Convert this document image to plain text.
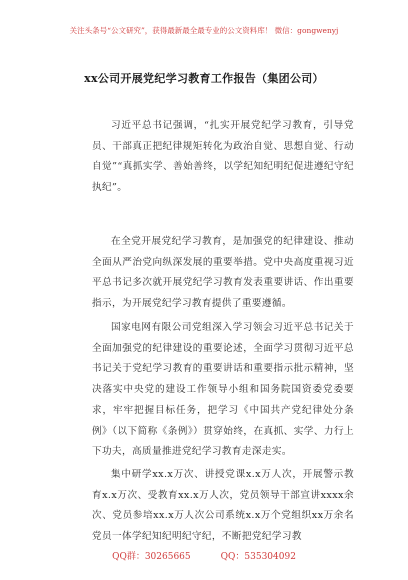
关注头条号“公文研究”，获得最新最全最专业的公文资料库！ 微信：gongwenyj
xx公司开展党纪学习教育工作报告（集团公司）
习近平总书记强调，“扎实开展党纪学习教育，引导党员、干部真正把纪律规矩转化为政治自觉、思想自觉、行动自觉”“真抓实学、善始善终，以学纪知纪明纪促进遵纪守纪执纪”。
在全党开展党纪学习教育，是加强党的纪律建设、推动全面从严治党向纵深发展的重要举措。党中央高度重视习近平总书记多次就开展党纪学习教育发表重要讲话、作出重要指示，为开展党纪学习教育提供了重要遵循。
国家电网有限公司党组深入学习领会习近平总书记关于全面加强党的纪律建设的重要论述，全面学习贯彻习近平总书记关于党纪学习教育的重要讲话和重要指示批示精神，坚决落实中央党的建设工作领导小组和国务院国资委党委要求，牢牢把握目标任务，把学习《中国共产党纪律处分条例》（以下简称《条例》）贯穿始终，在真抓、实学、力行上下功夫，高质量推进党纪学习教育走深走实。
集中研学xx.x万次、讲授党课x.x万人次，开展警示教育x.x万次、受教育xx.x万人次，党员领导干部宣讲xxxx余次、党员参培xx.x万人次公司系统x.x万个党组织xx万余名党员一体学纪知纪明纪守纪，不断把党纪学习教
QQ群：30265665	QQ：535304092
